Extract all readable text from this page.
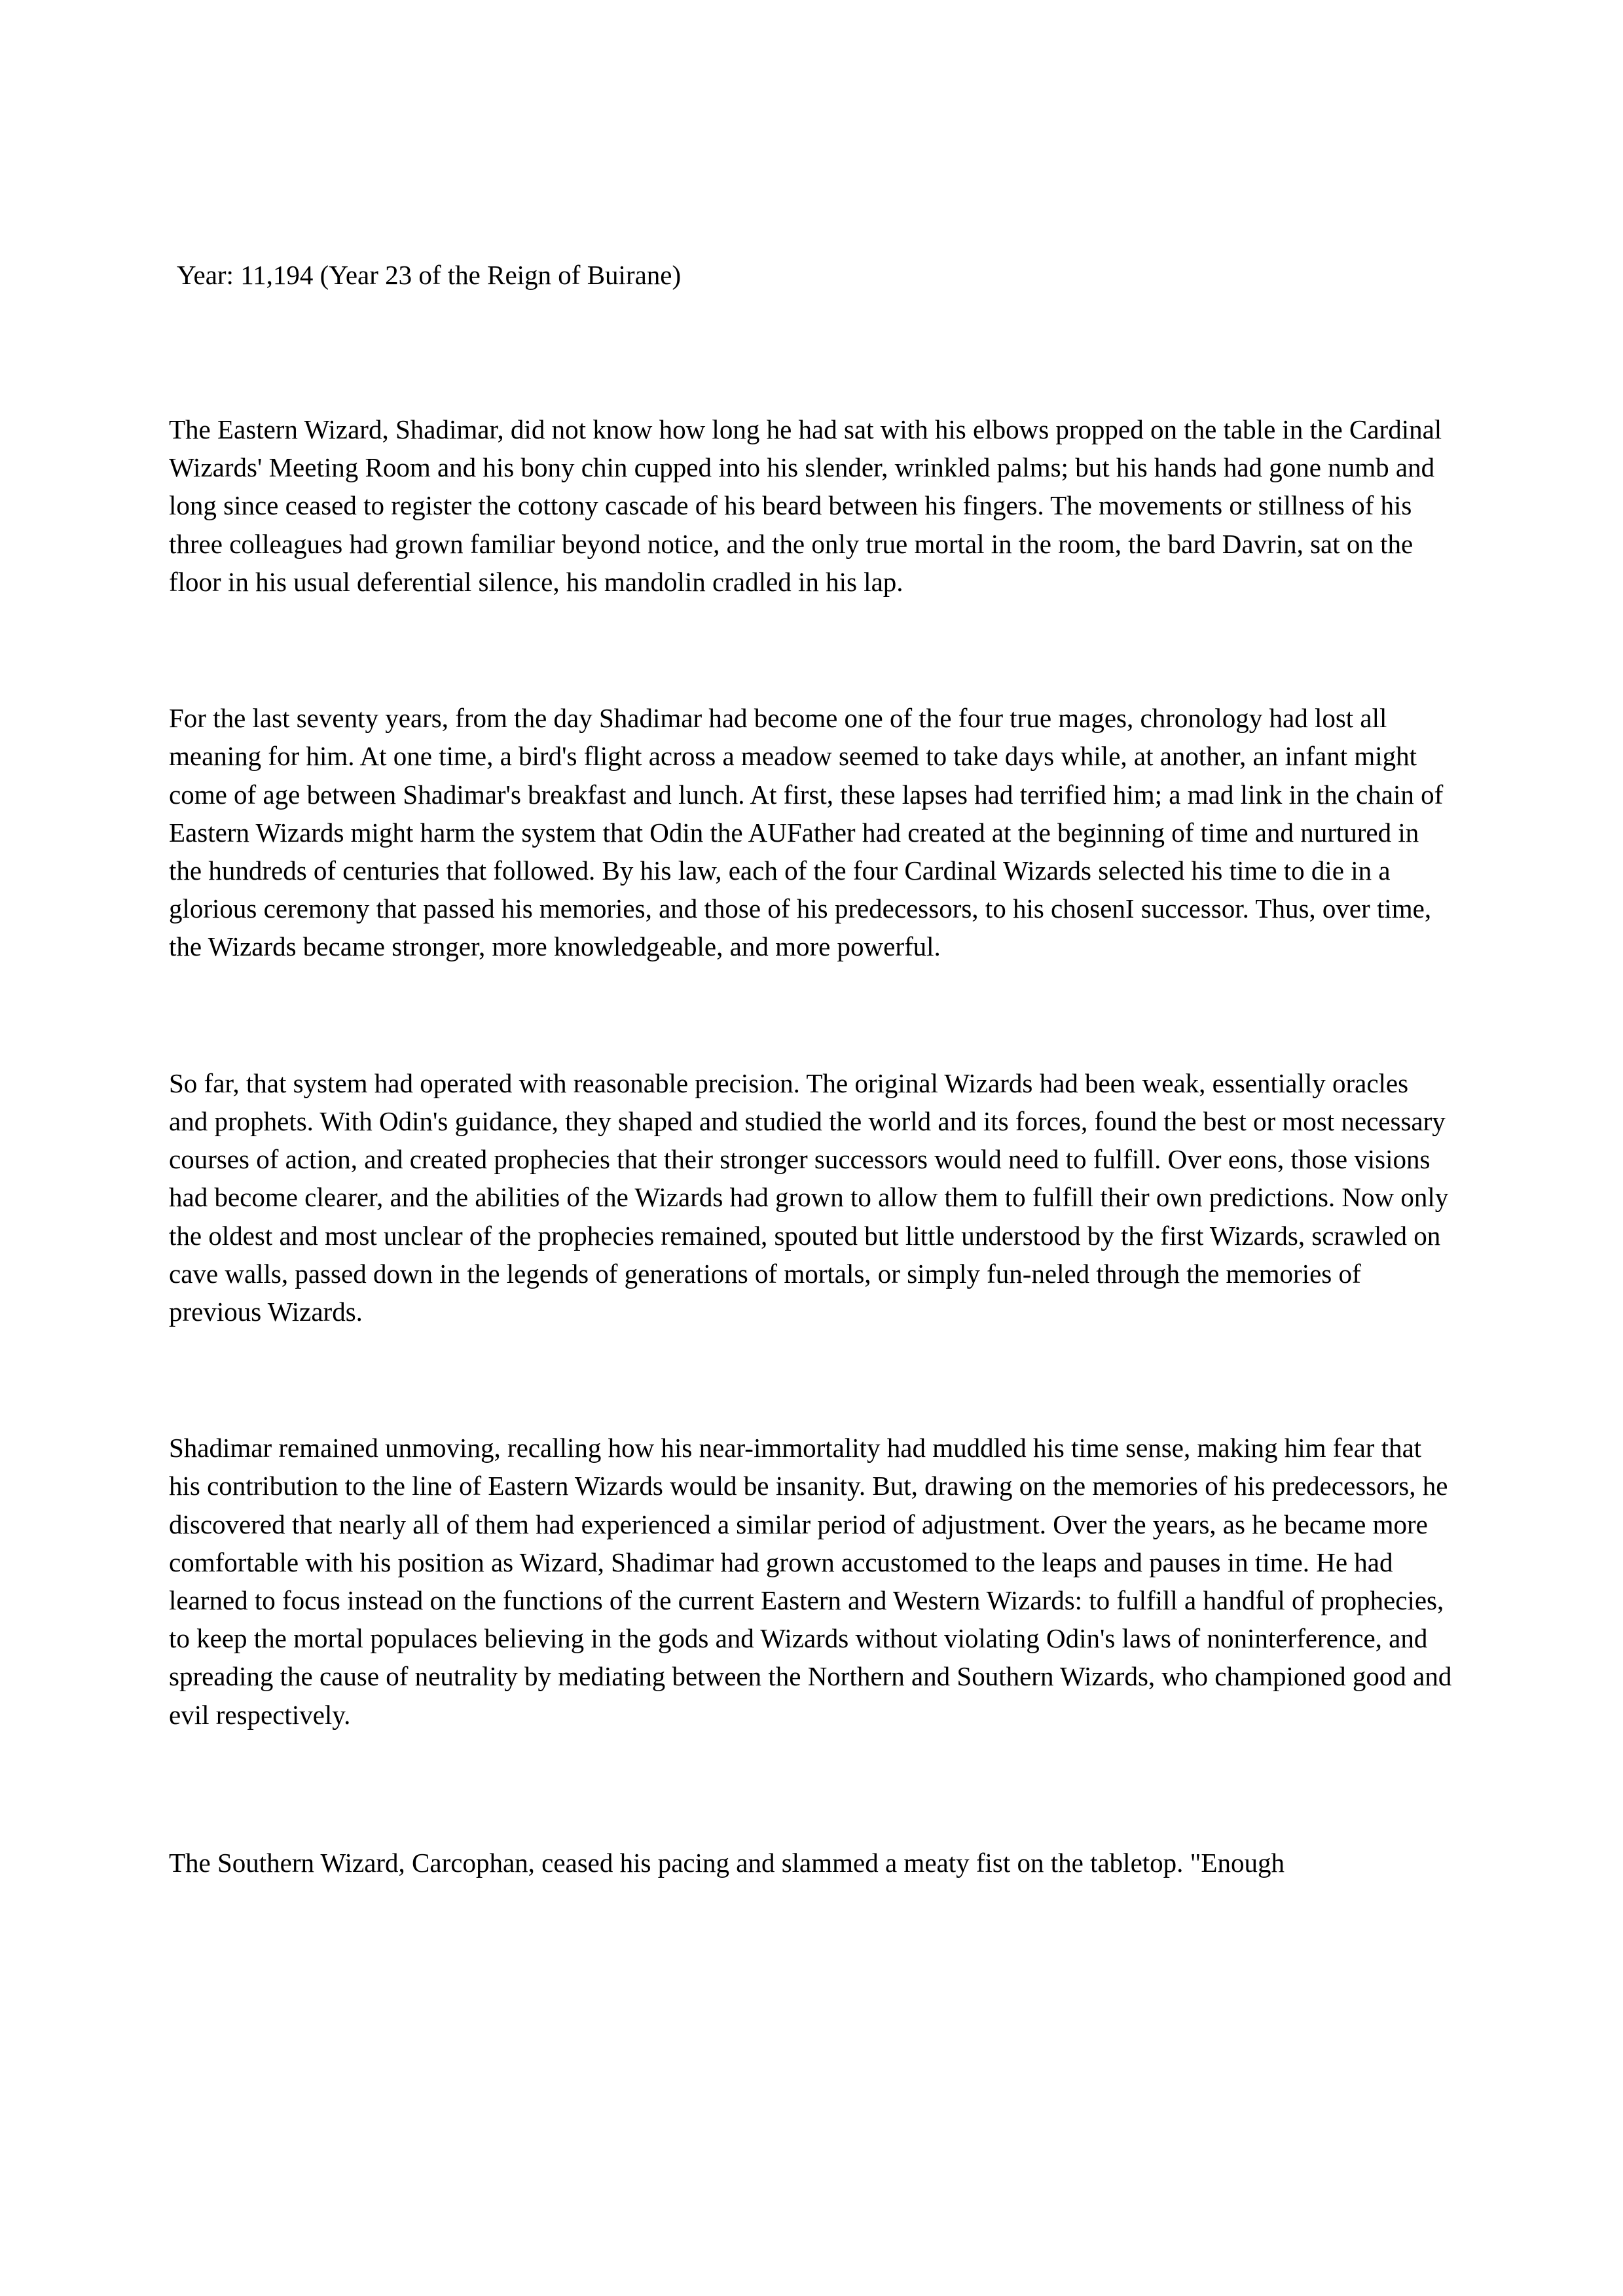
Year: 11,194 (Year 23 of the Reign of Buirane)

The Eastern Wizard, Shadimar, did not know how long he had sat with his elbows propped on the table in the Cardinal Wizards' Meeting Room and his bony chin cupped into his slender, wrinkled palms; but his hands had gone numb and long since ceased to register the cottony cascade of his beard between his fingers. The movements or stillness of his three colleagues had grown familiar beyond notice, and the only true mortal in the room, the bard Davrin, sat on the floor in his usual deferential silence, his mandolin cradled in his lap.

For the last seventy years, from the day Shadimar had become one of the four true mages, chronology had lost all meaning for him. At one time, a bird's flight across a meadow seemed to take days while, at another, an infant might come of age between Shadimar's breakfast and lunch. At first, these lapses had terrified him; a mad link in the chain of Eastern Wizards might harm the system that Odin the AUFather had created at the beginning of time and nurtured in the hundreds of centuries that followed. By his law, each of the four Cardinal Wizards selected his time to die in a glorious ceremony that passed his memories, and those of his predecessors, to his chosenI successor. Thus, over time, the Wizards became stronger, more knowledgeable, and more powerful.

So far, that system had operated with reasonable precision. The original Wizards had been weak, essentially oracles and prophets. With Odin's guidance, they shaped and studied the world and its forces, found the best or most necessary courses of action, and created prophecies that their stronger successors would need to fulfill. Over eons, those visions had become clearer, and the abilities of the Wizards had grown to allow them to fulfill their own predictions. Now only the oldest and most unclear of the prophecies remained, spouted but little understood by the first Wizards, scrawled on cave walls, passed down in the legends of generations of mortals, or simply fun-neled through the memories of previous Wizards.

Shadimar remained unmoving, recalling how his near-immortality had muddled his time sense, making him fear that his contribution to the line of Eastern Wizards would be insanity. But, drawing on the memories of his predecessors, he discovered that nearly all of them had experienced a similar period of adjustment. Over the years, as he became more comfortable with his position as Wizard, Shadimar had grown accustomed to the leaps and pauses in time. He had learned to focus instead on the functions of the current Eastern and Western Wizards: to fulfill a handful of prophecies, to keep the mortal populaces believing in the gods and Wizards without violating Odin's laws of noninterference, and spreading the cause of neutrality by mediating between the Northern and Southern Wizards, who championed good and evil respectively.

The Southern Wizard, Carcophan, ceased his pacing and slammed a meaty fist on the tabletop. "Enough
